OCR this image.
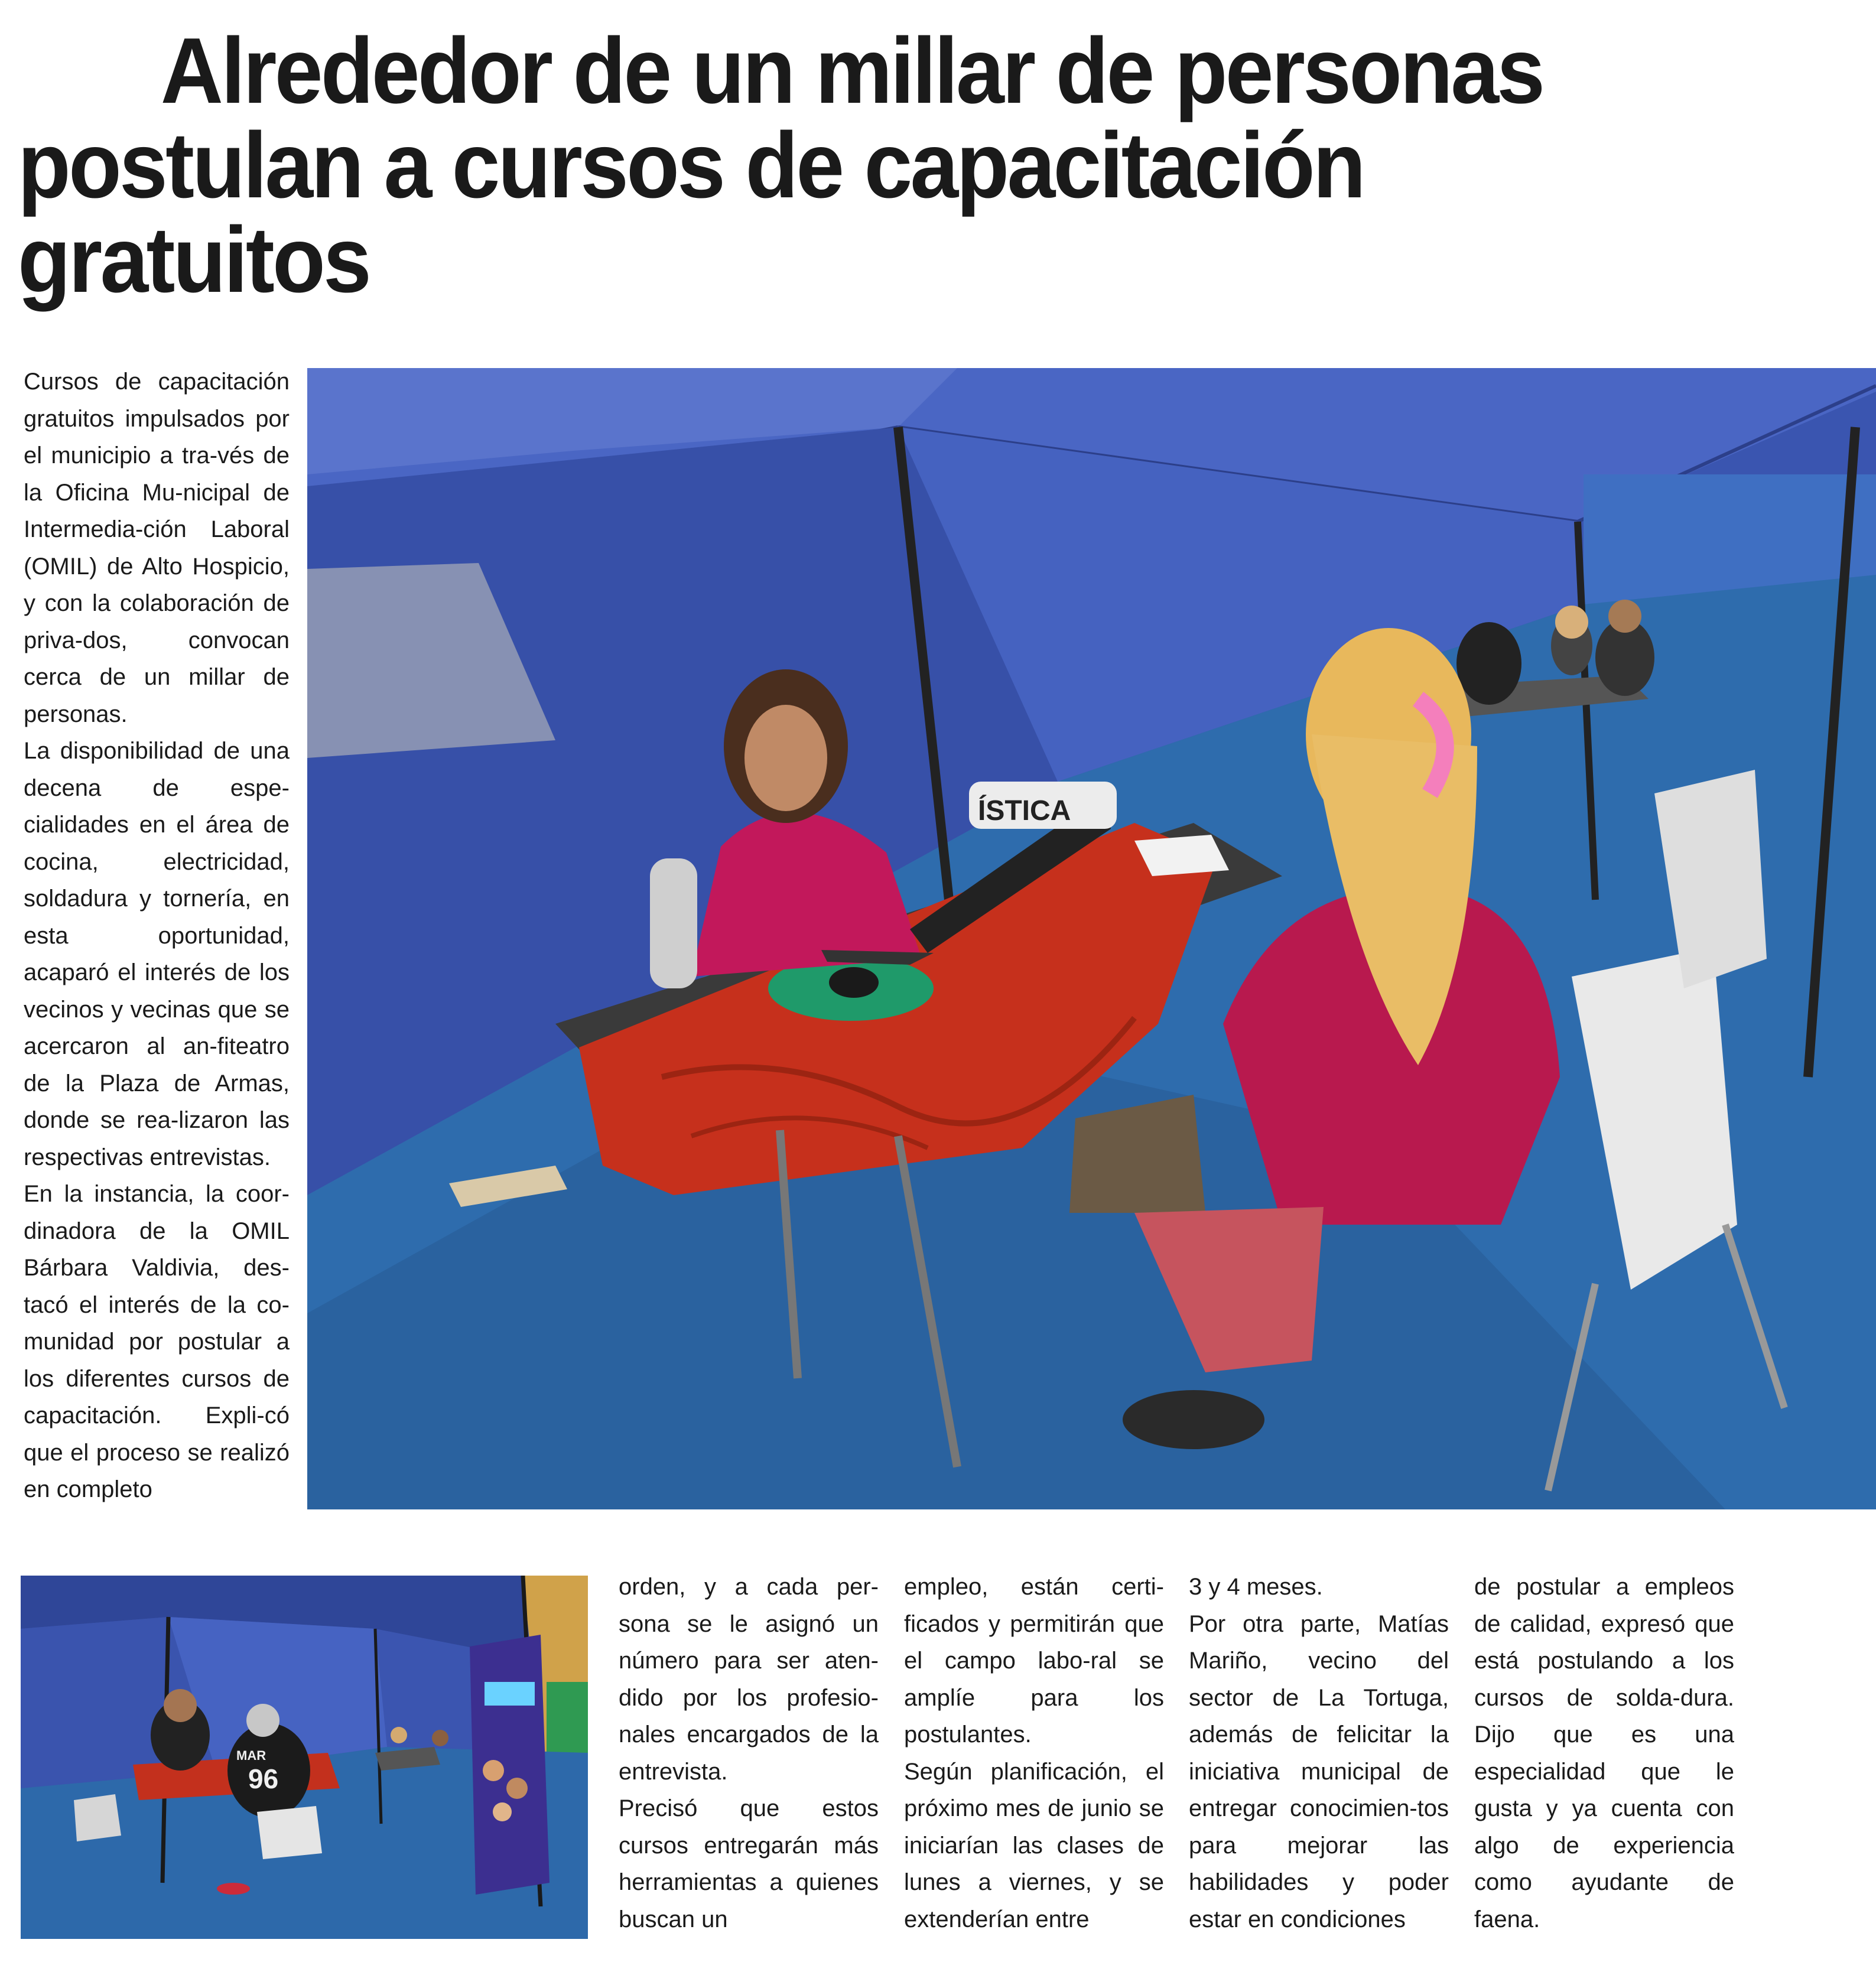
Alrededor de un millar de personas
postulan a cursos de capacitación gratuitos

Cursos de capacitación gratuitos impulsados por el municipio a tra-vés de la Oficina Mu-nicipal de Intermedia-ción Laboral (OMIL) de Alto Hospicio, y con la colaboración de priva-dos, convocan cerca de un millar de personas.

La disponibilidad de una decena de espe-cialidades en el área de cocina, electricidad, soldadura y tornería, en esta oportunidad, acaparó el interés de los vecinos y vecinas que se acercaron al an-fiteatro de la Plaza de Armas, donde se rea-lizaron las respectivas entrevistas.

En la instancia, la coor-dinadora de la OMIL Bárbara Valdivia, des-tacó el interés de la co-munidad por postular a los diferentes cursos de capacitación. Expli-có que el proceso se realizó en completo

ÍSTICA
MAR
96

orden, y a cada per-sona se le asignó un número para ser aten-dido por los profesio-nales encargados de la entrevista.

Precisó que estos cursos entregarán más herramientas a quienes buscan un

empleo, están certi-ficados y permitirán que el campo labo-ral se amplíe para los postulantes.

Según planificación, el próximo mes de junio se iniciarían las clases de lunes a viernes, y se extenderían entre

3 y 4 meses.

Por otra parte, Matías Mariño, vecino del sector de La Tortuga, además de felicitar la iniciativa municipal de entregar conocimien-tos para mejorar las habilidades y poder estar en condiciones

de postular a empleos de calidad, expresó que está postulando a los cursos de solda-dura. Dijo que es una especialidad que le gusta y ya cuenta con algo de experiencia como ayudante de faena.
